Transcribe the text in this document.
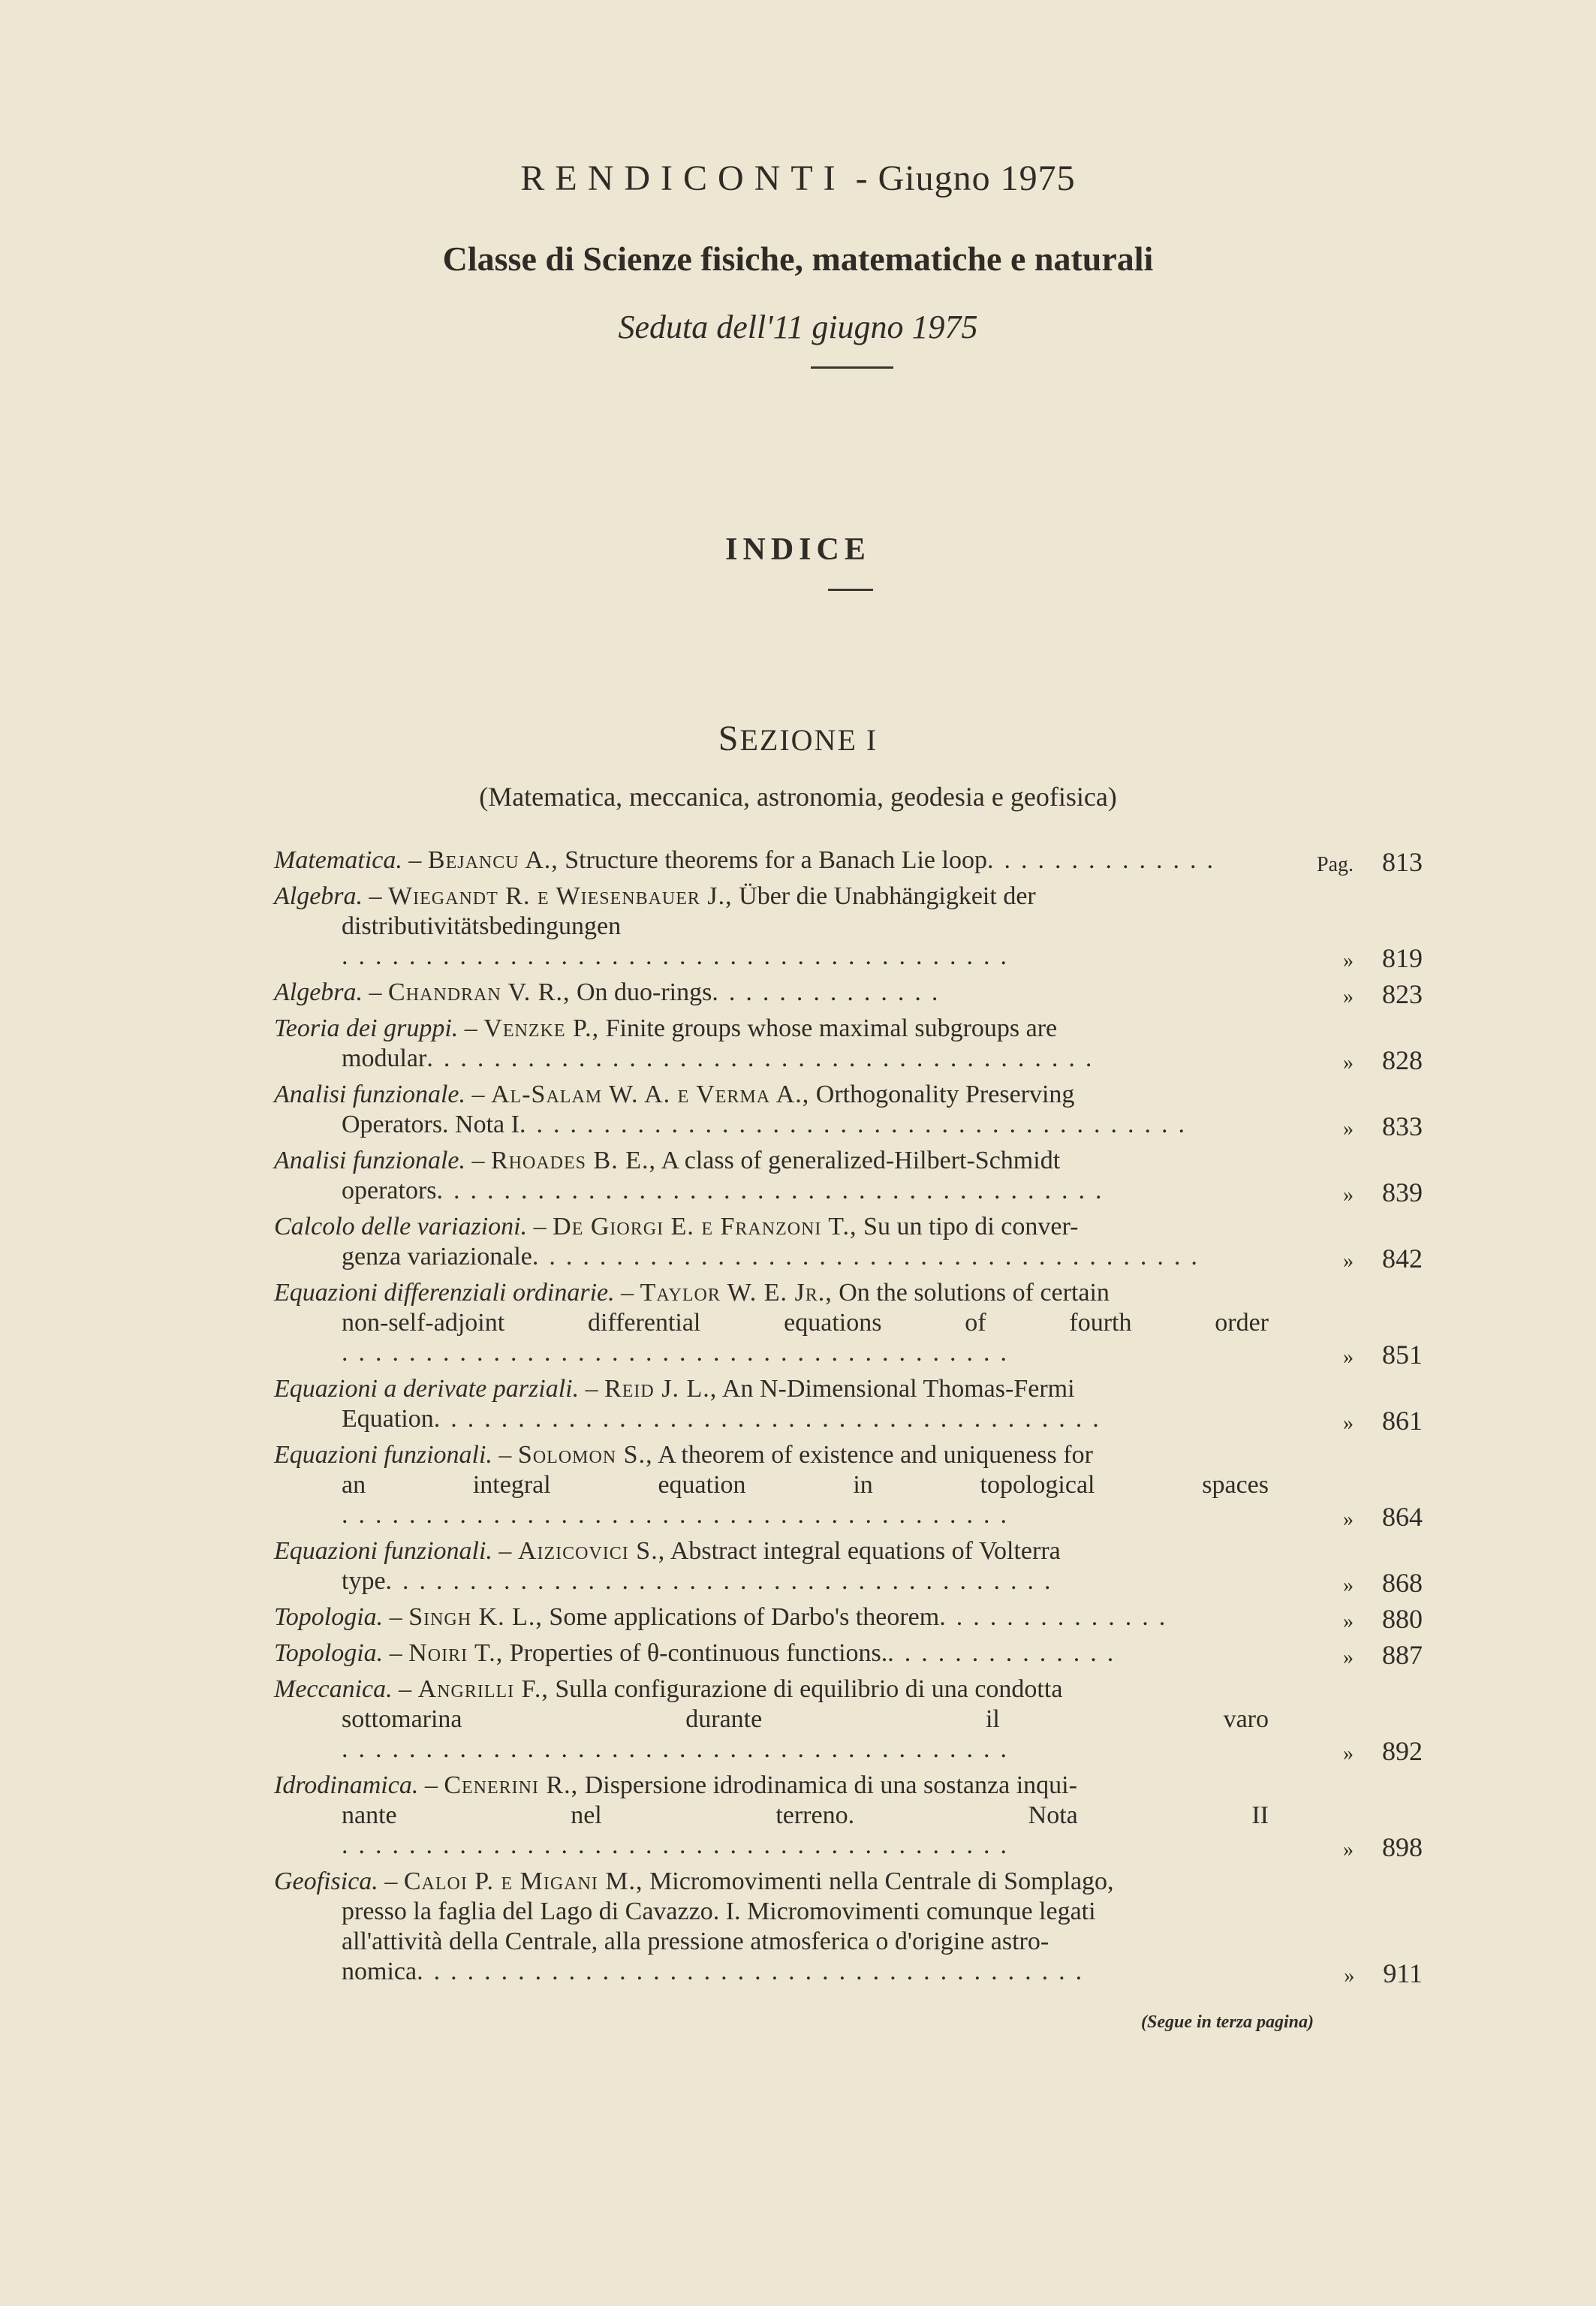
RENDICONTI - Giugno 1975
Classe di Scienze fisiche, matematiche e naturali
Seduta dell'11 giugno 1975
INDICE
SEZIONE I
(Matematica, meccanica, astronomia, geodesia e geofisica)
Matematica. – Bejancu A., Structure theorems for a Banach Lie loop..............	Pag. 813
Algebra. – Wiegandt R. e Wiesenbauer J., Über die Unabhängigkeit der
distributivitätsbedingungen........................................	» 819
Algebra. – Chandran V. R., On duo-rings..............	» 823
Teoria dei gruppi. – Venzke P., Finite groups whose maximal subgroups are
modular........................................	» 828
Analisi funzionale. – Al-Salam W. A. e Verma A., Orthogonality Preserving
Operators. Nota I........................................	» 833
Analisi funzionale. – Rhoades B. E., A class of generalized-Hilbert-Schmidt
operators........................................	» 839
Calcolo delle variazioni. – De Giorgi E. e Franzoni T., Su un tipo di conver-
genza variazionale........................................	» 842
Equazioni differenziali ordinarie. – Taylor W. E. Jr., On the solutions of certain
non-self-adjoint differential equations of fourth order........................................	» 851
Equazioni a derivate parziali. – Reid J. L., An N-Dimensional Thomas-Fermi
Equation........................................	» 861
Equazioni funzionali. – Solomon S., A theorem of existence and uniqueness for
an integral equation in topological spaces........................................	» 864
Equazioni funzionali. – Aizicovici S., Abstract integral equations of Volterra
type........................................	» 868
Topologia. – Singh K. L., Some applications of Darbo's theorem..............	» 880
Topologia. – Noiri T., Properties of θ-continuous functions...............	» 887
Meccanica. – Angrilli F., Sulla configurazione di equilibrio di una condotta
sottomarina durante il varo........................................	» 892
Idrodinamica. – Cenerini R., Dispersione idrodinamica di una sostanza inqui-
nante nel terreno. Nota II........................................	» 898
Geofisica. – Caloi P. e Migani M., Micromovimenti nella Centrale di Somplago,
presso la faglia del Lago di Cavazzo. I. Micromovimenti comunque legati
all'attività della Centrale, alla pressione atmosferica o d'origine astro-
nomica........................................	» 911
(Segue in terza pagina)
